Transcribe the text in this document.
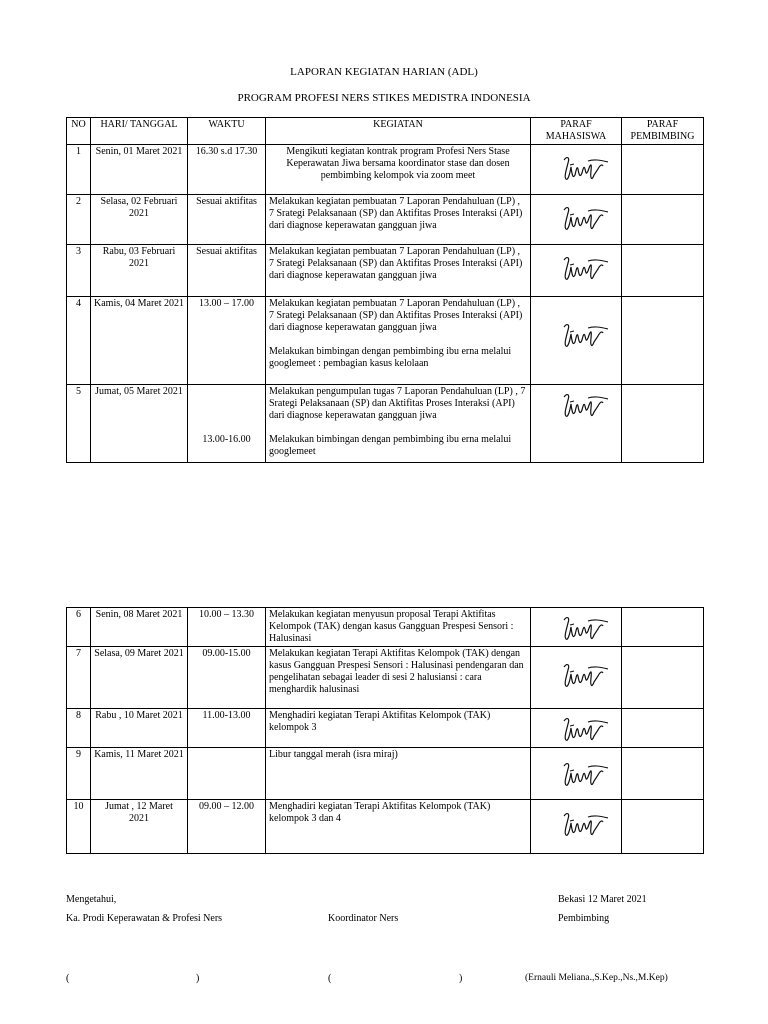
LAPORAN KEGIATAN HARIAN (ADL)
PROGRAM PROFESI NERS STIKES MEDISTRA INDONESIA
NO	HARI/ TANGGAL	WAKTU	KEGIATAN	PARAF MAHASISWA	PARAF PEMBIMBING
1	Senin, 01 Maret 2021	16.30 s.d 17.30	Mengikuti kegiatan kontrak program Profesi Ners Stase Keperawatan Jiwa bersama koordinator stase dan dosen pembimbing kelompok via zoom meet	

2	Selasa, 02 Februari 2021	Sesuai aktifitas	Melakukan kegiatan pembuatan 7 Laporan Pendahuluan (LP) , 7 Srategi Pelaksanaan (SP) dan Aktifitas Proses Interaksi (API) dari diagnose keperawatan gangguan jiwa	

3	Rabu, 03 Februari 2021	Sesuai aktifitas	Melakukan kegiatan pembuatan 7 Laporan Pendahuluan (LP) , 7 Srategi Pelaksanaan (SP) dan Aktifitas Proses Interaksi (API) dari diagnose keperawatan gangguan jiwa	

4	Kamis, 04 Maret 2021	13.00 – 17.00	Melakukan kegiatan pembuatan 7 Laporan Pendahuluan (LP) , 7 Srategi Pelaksanaan (SP) dan Aktifitas Proses Interaksi (API) dari diagnose keperawatan gangguan jiwa
Melakukan bimbingan dengan pembimbing ibu erna melalui googlemeet : pembagian kasus kelolaan

5	Jumat, 05 Maret 2021	13.00-16.00	Melakukan pengumpulan tugas 7 Laporan Pendahuluan (LP) , 7 Srategi Pelaksanaan (SP) dan Aktifitas Proses Interaksi (API) dari diagnose keperawatan gangguan jiwa
Melakukan bimbingan dengan pembimbing ibu erna melalui googlemeet

6	Senin, 08 Maret 2021	10.00 – 13.30	Melakukan kegiatan menyusun proposal Terapi Aktifitas Kelompok (TAK) dengan kasus Gangguan Prespesi Sensori : Halusinasi	

7	Selasa, 09 Maret 2021	09.00-15.00	Melakukan kegiatan Terapi Aktifitas Kelompok (TAK) dengan kasus Gangguan Prespesi Sensori : Halusinasi pendengaran dan pengelihatan sebagai leader di sesi 2 halusiansi : cara menghardik halusinasi	

8	Rabu , 10 Maret 2021	11.00-13.00	Menghadiri kegiatan Terapi Aktifitas Kelompok (TAK) kelompok 3	

9	Kamis, 11 Maret 2021		Libur tanggal merah (isra miraj)	

10	Jumat , 12 Maret 2021	09.00 – 12.00	Menghadiri kegiatan Terapi Aktifitas Kelompok (TAK) kelompok 3 dan 4	

Mengetahui,
Ka. Prodi Keperawatan & Profesi Ners	Koordinator Ners
Bekasi 12 Maret 2021
Pembimbing
(	)	(	)	(Ernauli Meliana.,S.Kep.,Ns.,M.Kep)
